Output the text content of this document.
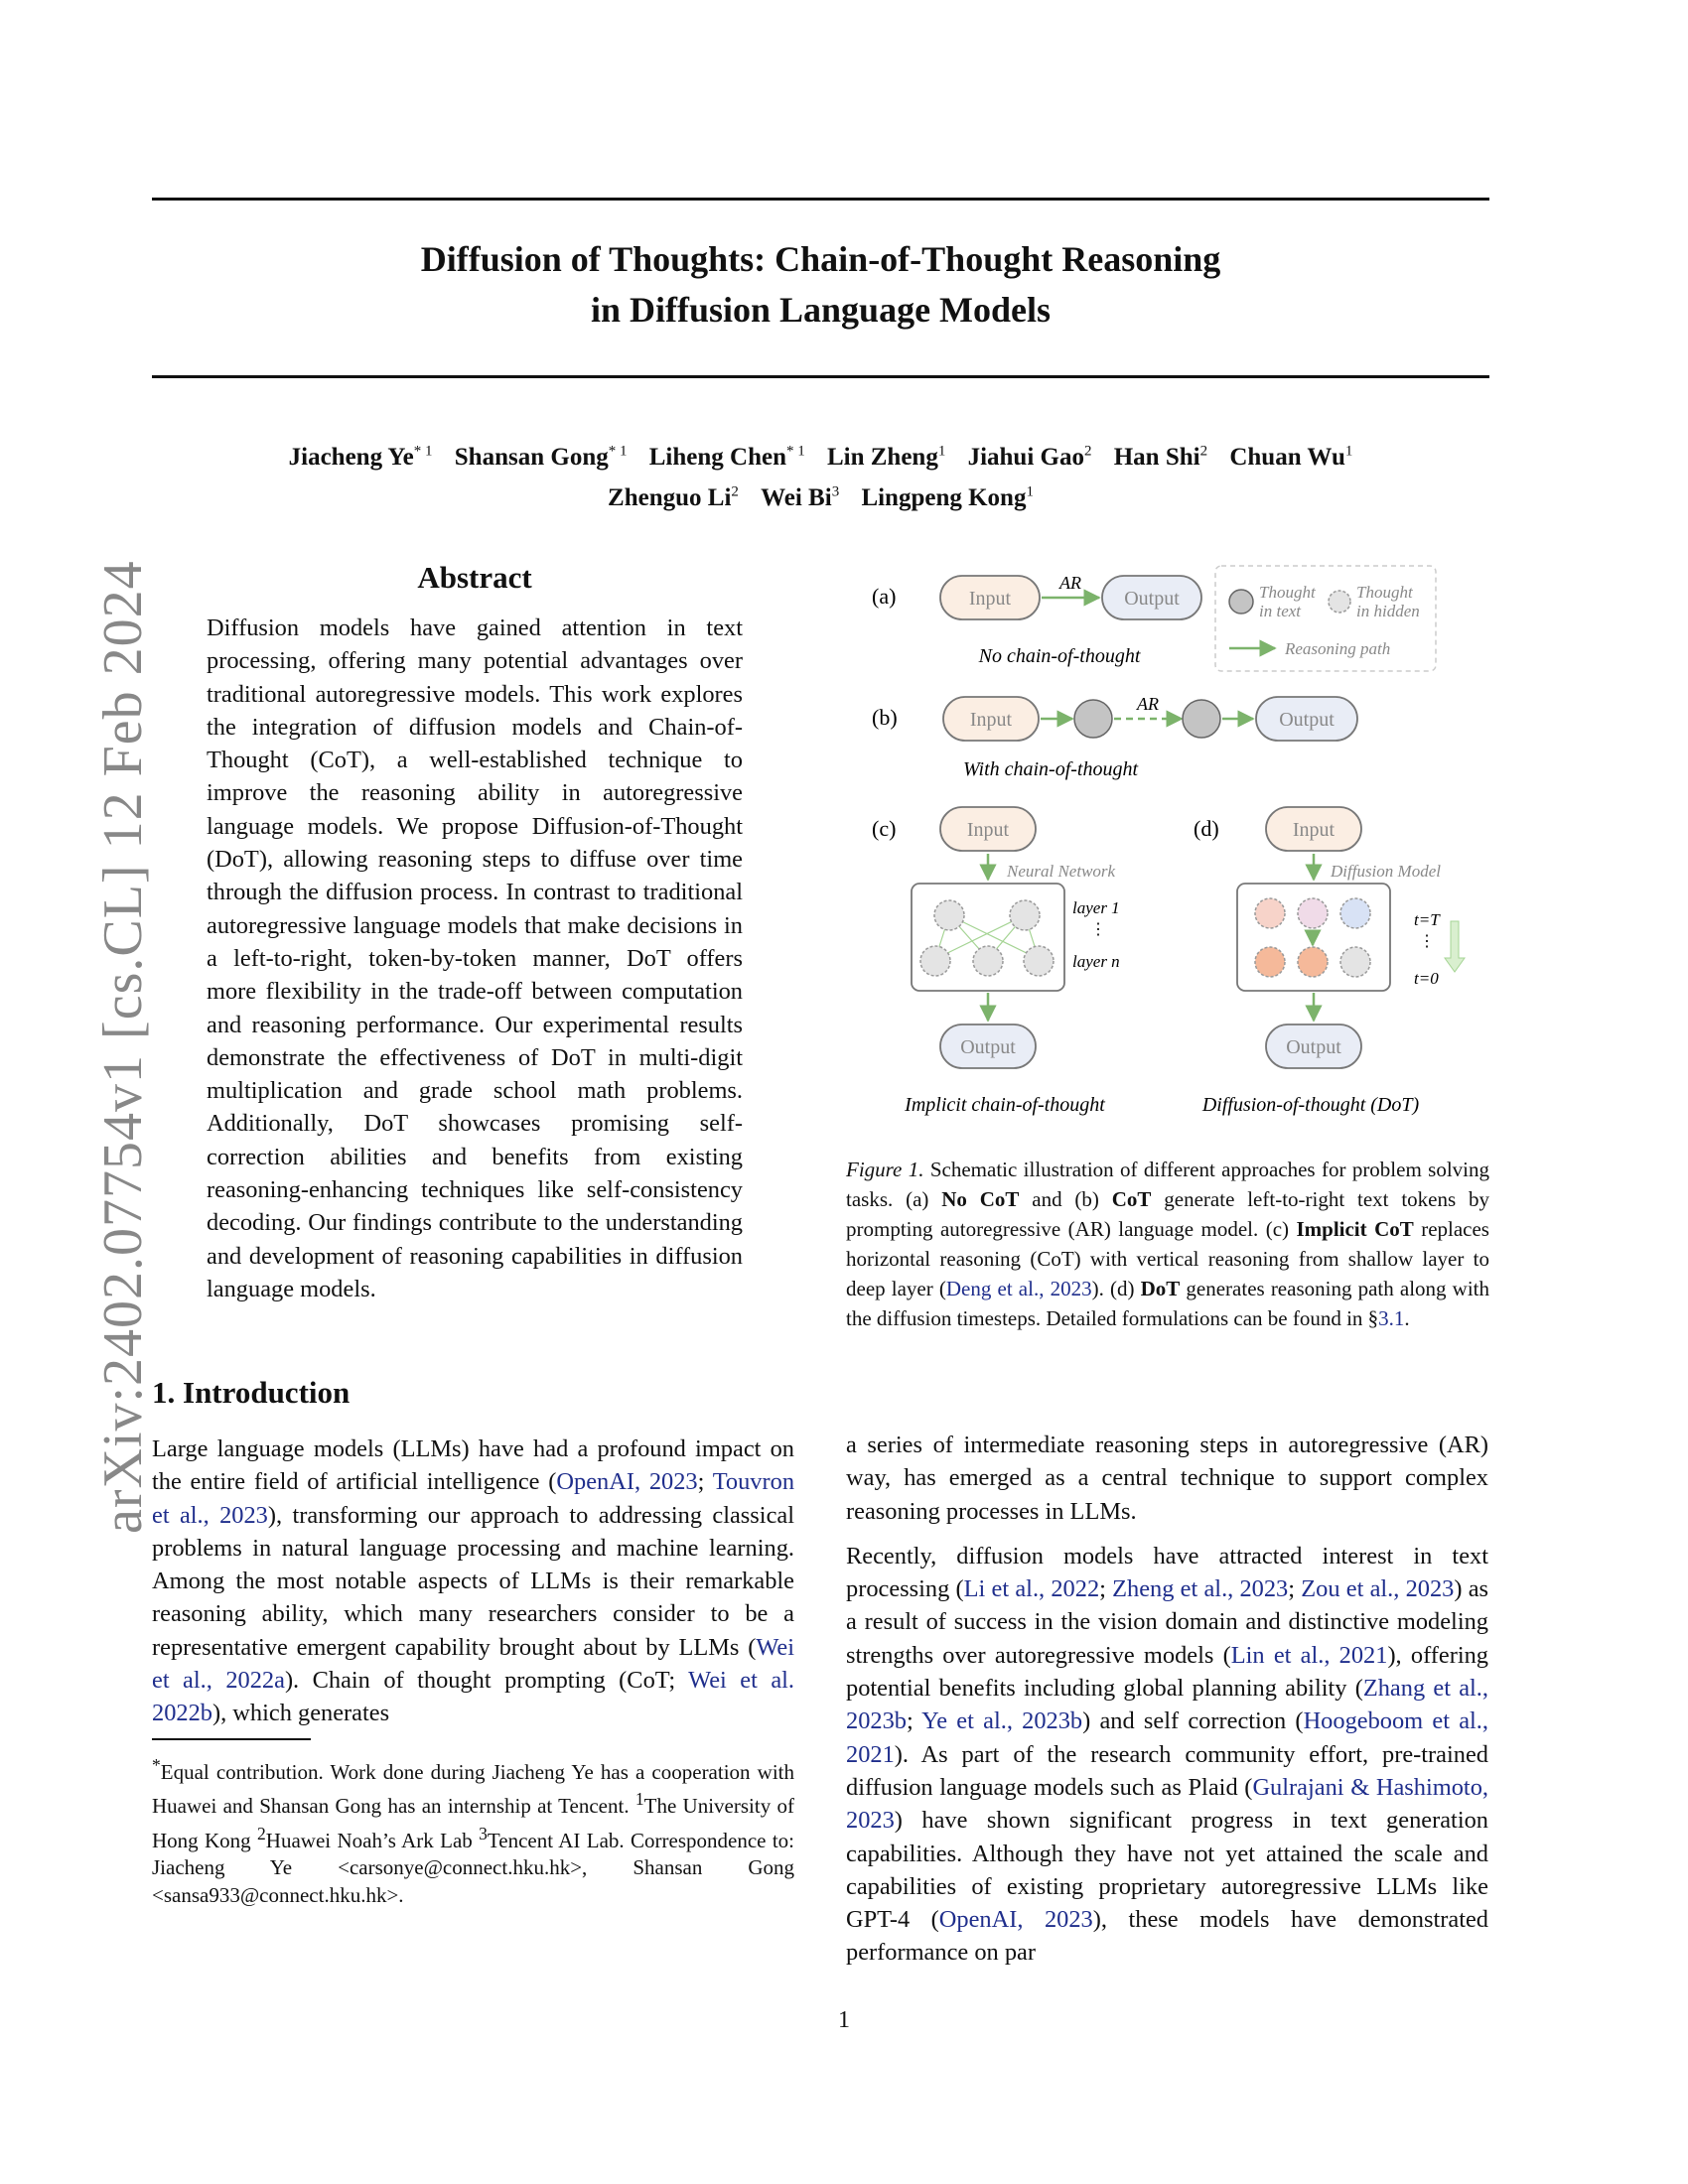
arXiv:2402.07754v1 [cs.CL] 12 Feb 2024
Diffusion of Thoughts: Chain-of-Thought Reasoning
in Diffusion Language Models
Jiacheng Ye$^{* 1}$ Shansan Gong$^{* 1}$ Liheng Chen$^{* 1}$ Lin Zheng$^1$ Jiahui Gao$^2$ Han Shi$^2$ Chuan Wu$^1$
Zhenguo Li$^2$ Wei Bi$^3$ Lingpeng Kong$^1$
Abstract
Diffusion models have gained attention in text processing, offering many potential advantages over traditional autoregressive models. This work explores the integration of diffusion models and Chain-of-Thought (CoT), a well-established technique to improve the reasoning ability in autoregressive language models. We propose Diffusion-of-Thought (DoT), allowing reasoning steps to diffuse over time through the diffusion process. In contrast to traditional autoregressive language models that make decisions in a left-to-right, token-by-token manner, DoT offers more flexibility in the trade-off between computation and reasoning performance. Our experimental results demonstrate the effectiveness of DoT in multi-digit multiplication and grade school math problems. Additionally, DoT showcases promising self-correction abilities and benefits from existing reasoning-enhancing techniques like self-consistency decoding. Our findings contribute to the understanding and development of reasoning capabilities in diffusion language models.
(a)	Input
AR
Output
No chain-of-thought
Thought
in text
Thought
in hidden
Reasoning path
(b)	Input
AR
Output
With chain-of-thought
(c)	Input
Neural Network
layer 1
⋮
layer n
Output
Implicit chain-of-thought
(d)	Input
Diffusion Model
t=T
⋮
t=0
Output
Diffusion-of-thought (DoT)
Figure 1. Schematic illustration of different approaches for problem solving tasks. (a) No CoT and (b) CoT generate left-to-right text tokens by prompting autoregressive (AR) language model. (c) Implicit CoT replaces horizontal reasoning (CoT) with vertical reasoning from shallow layer to deep layer (Deng et al., 2023). (d) DoT generates reasoning path along with the diffusion timesteps. Detailed formulations can be found in §3.1.
1. Introduction

Large language models (LLMs) have had a profound impact on the entire field of artificial intelligence (OpenAI, 2023; Touvron et al., 2023), transforming our approach to addressing classical problems in natural language processing and machine learning. Among the most notable aspects of LLMs is their remarkable reasoning ability, which many researchers consider to be a representative emergent capability brought about by LLMs (Wei et al., 2022a). Chain of thought prompting (CoT; Wei et al. 2022b), which generates

*Equal contribution. Work done during Jiacheng Ye has a cooperation with Huawei and Shansan Gong has an internship at Tencent. $^1$The University of Hong Kong $^2$Huawei Noah’s Ark Lab $^3$Tencent AI Lab. Correspondence to: Jiacheng Ye <carsonye@connect.hku.hk>, Shansan Gong <sansa933@connect.hku.hk>.

a series of intermediate reasoning steps in autoregressive (AR) way, has emerged as a central technique to support complex reasoning processes in LLMs.

Recently, diffusion models have attracted interest in text processing (Li et al., 2022; Zheng et al., 2023; Zou et al., 2023) as a result of success in the vision domain and distinctive modeling strengths over autoregressive models (Lin et al., 2021), offering potential benefits including global planning ability (Zhang et al., 2023b; Ye et al., 2023b) and self correction (Hoogeboom et al., 2021). As part of the research community effort, pre-trained diffusion language models such as Plaid (Gulrajani & Hashimoto, 2023) have shown significant progress in text generation capabilities. Although they have not yet attained the scale and capabilities of existing proprietary autoregressive LLMs like GPT-4 (OpenAI, 2023), these models have demonstrated performance on par

1
